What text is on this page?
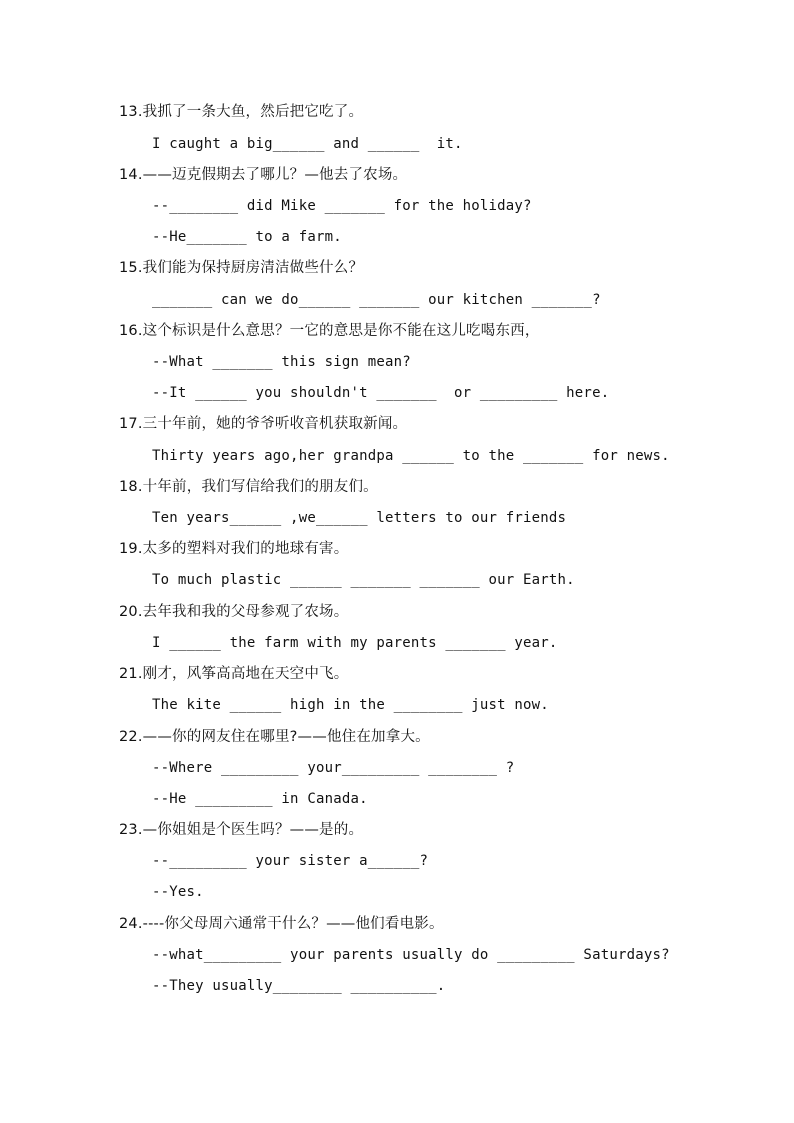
13.我抓了一条大鱼，然后把它吃了。
I caught a big______ and ______  it.
14.——迈克假期去了哪儿？—他去了农场。
--________ did Mike _______ for the holiday?
--He_______ to a farm.
15.我们能为保持厨房清洁做些什么？
_______ can we do______ _______ our kitchen _______?
16.这个标识是什么意思？一它的意思是你不能在这儿吃喝东西，
--What _______ this sign mean?
--It ______ you shouldn't _______  or _________ here.
17.三十年前，她的爷爷听收音机获取新闻。
Thirty years ago,her grandpa ______ to the _______ for news.
18.十年前，我们写信给我们的朋友们。
Ten years______ ,we______ letters to our friends
19.太多的塑料对我们的地球有害。
To much plastic ______ _______ _______ our Earth.
20.去年我和我的父母参观了农场。
I ______ the farm with my parents _______ year.
21.刚才，风筝高高地在天空中飞。
The kite ______ high in the ________ just now.
22.——你的网友住在哪里?——他住在加拿大。
--Where _________ your_________ ________ ?
--He _________ in Canada.
23.—你姐姐是个医生吗？——是的。
--_________ your sister a______?
--Yes.
24.----你父母周六通常干什么？——他们看电影。
--what_________ your parents usually do _________ Saturdays?
--They usually________ __________.
